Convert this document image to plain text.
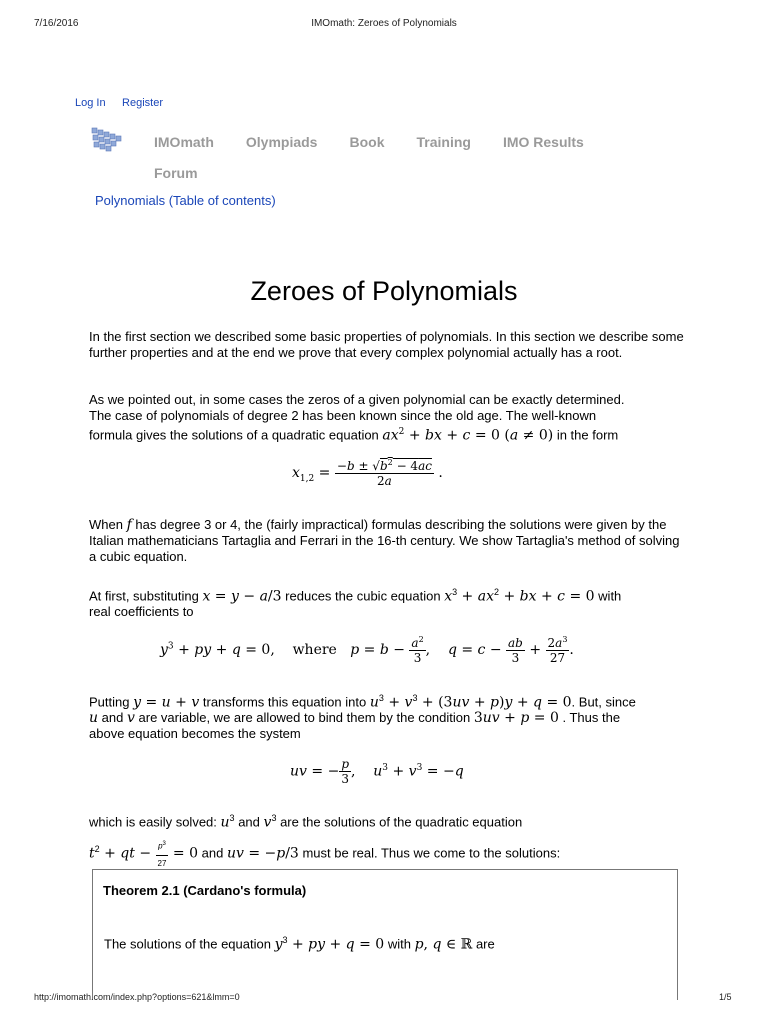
7/16/2016	IMOmath: Zeroes of Polynomials
Log In Register
IMOmath Olympiads Book Training IMO ResultsForum
Polynomials (Table of contents)
Zeroes of Polynomials
In the first section we described some basic properties of polynomials. In this section we describe some further properties and at the end we prove that every complex polynomial actually has a root.
As we pointed out, in some cases the zeros of a given polynomial can be exactly determined.
The case of polynomials of degree 2 has been known since the old age. The well-known
formula gives the solutions of a quadratic equation $ax^2$ + bx + c = 0 (a ≠ 0) in the form
$x_{1,2} = \frac{-b \pm √b^2 - 4ac}{2a}$ .
When f has degree 3 or 4, the (fairly impractical) formulas describing the solutions were given by the Italian mathematicians Tartaglia and Ferrari in the 16-th century. We show Tartaglia's method of solving a cubic equation.
At first, substituting x = y − a/3 reduces the cubic equation $x^3 + ax^2$ + bx + c = 0 with
real coefficients to
$y^3$ + py + q = 0,    where $p = b - \frac{a^2}{3}$ ,    $q = c - \frac{ab}{3} + \frac{2a^3}{27}$ .
Putting y = u + v transforms this equation into $u^3 + v^3 + (3uv + p)y + q = 0$. But, since
u and v are variable, we are allowed to bind them by the condition 3uv + p = 0 . Thus the
above equation becomes the system
uv = − $\frac{p}{3}$ ,    $u^3 + v^3 = -q$
which is easily solved: $u^3$ and $v^3$ are the solutions of the quadratic equation
$t^2$ + qt − $\frac{p^3}{27} = 0$ and uv = −p/3 must be real. Thus we come to the solutions:
Theorem 2.1 (Cardano's formula)
The solutions of the equation $y^3$ + py + q = 0 with p, q ∈ ℝ are
http://imomath.com/index.php?options=621&lmm=0	1/5
